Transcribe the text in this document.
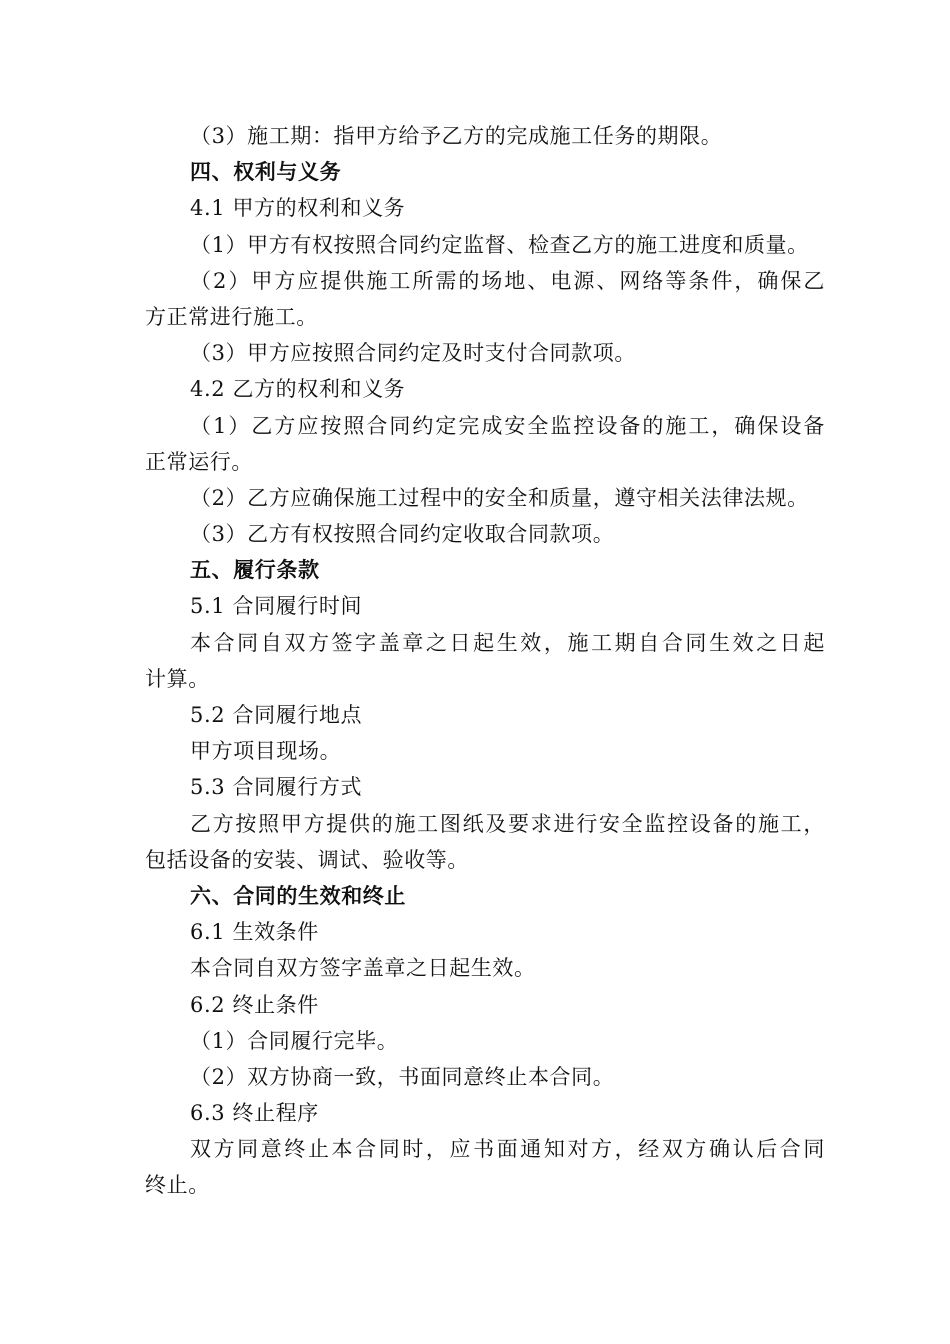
（3）施工期：指甲方给予乙方的完成施工任务的期限。
四、权利与义务
4.1 甲方的权利和义务
（1）甲方有权按照合同约定监督、检查乙方的施工进度和质量。
（2）甲方应提供施工所需的场地、电源、网络等条件，确保乙
方正常进行施工。
（3）甲方应按照合同约定及时支付合同款项。
4.2 乙方的权利和义务
（1）乙方应按照合同约定完成安全监控设备的施工，确保设备
正常运行。
（2）乙方应确保施工过程中的安全和质量，遵守相关法律法规。
（3）乙方有权按照合同约定收取合同款项。
五、履行条款
5.1 合同履行时间
本合同自双方签字盖章之日起生效，施工期自合同生效之日起
计算。
5.2 合同履行地点
甲方项目现场。
5.3 合同履行方式
乙方按照甲方提供的施工图纸及要求进行安全监控设备的施工，
包括设备的安装、调试、验收等。
六、合同的生效和终止
6.1 生效条件
本合同自双方签字盖章之日起生效。
6.2 终止条件
（1）合同履行完毕。
（2）双方协商一致，书面同意终止本合同。
6.3 终止程序
双方同意终止本合同时，应书面通知对方，经双方确认后合同
终止。
